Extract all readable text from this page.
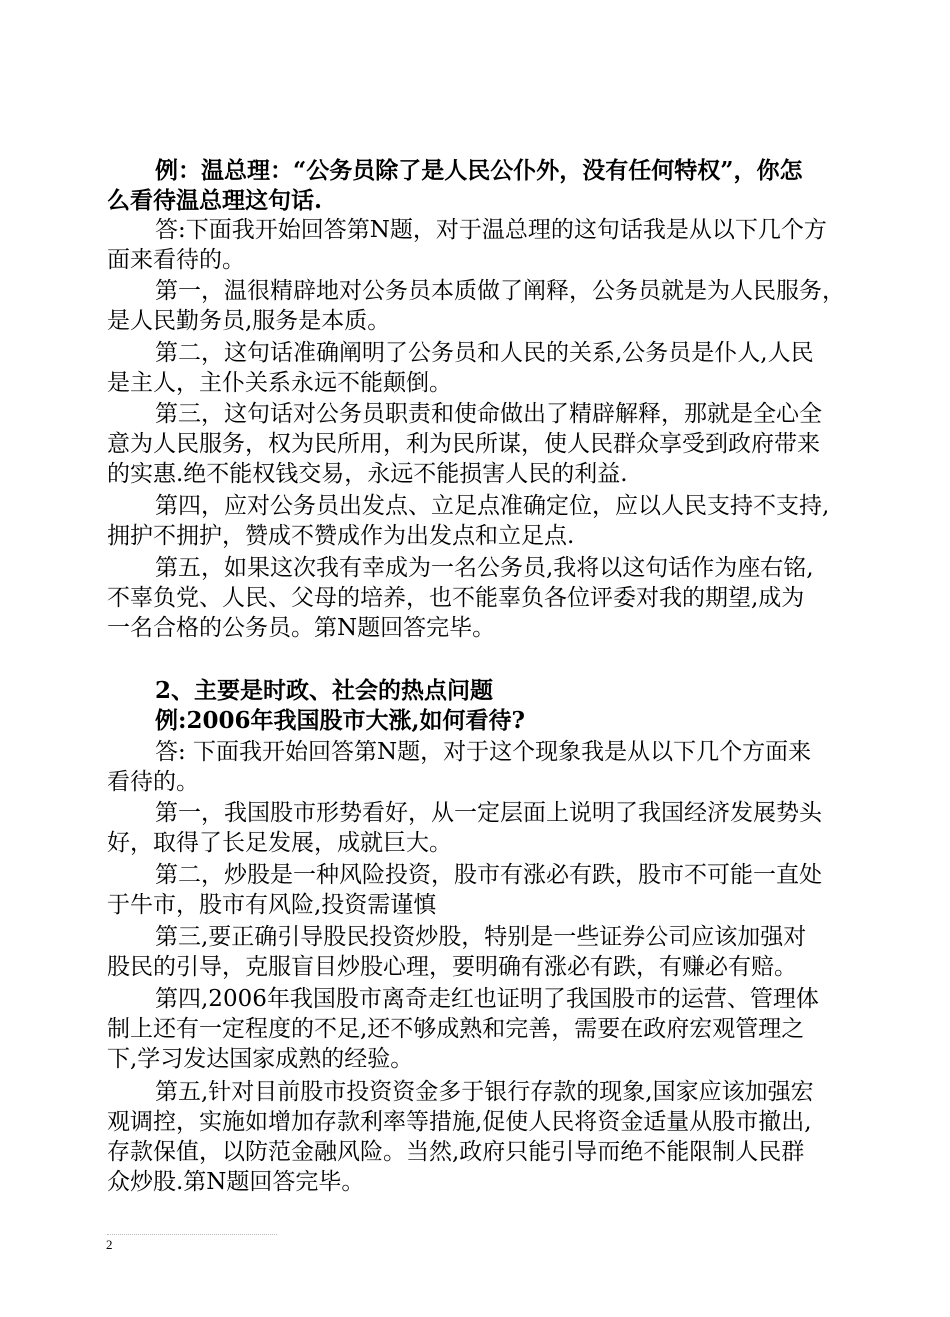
例：温总理：“公务员除了是人民公仆外，没有任何特权”，你怎
么看待温总理这句话.
答:下面我开始回答第N题，对于温总理的这句话我是从以下几个方
面来看待的。
第一，温很精辟地对公务员本质做了阐释，公务员就是为人民服务，
是人民勤务员,服务是本质。
第二，这句话准确阐明了公务员和人民的关系,公务员是仆人,人民
是主人，主仆关系永远不能颠倒。
第三，这句话对公务员职责和使命做出了精辟解释，那就是全心全
意为人民服务，权为民所用，利为民所谋，使人民群众享受到政府带来
的实惠.绝不能权钱交易，永远不能损害人民的利益.
第四，应对公务员出发点、立足点准确定位，应以人民支持不支持,
拥护不拥护，赞成不赞成作为出发点和立足点.
第五，如果这次我有幸成为一名公务员,我将以这句话作为座右铭,
不辜负党、人民、父母的培养，也不能辜负各位评委对我的期望,成为
一名合格的公务员。第N题回答完毕。
2、主要是时政、社会的热点问题
例:2006年我国股市大涨,如何看待?
答: 下面我开始回答第N题，对于这个现象我是从以下几个方面来
看待的。
第一，我国股市形势看好，从一定层面上说明了我国经济发展势头
好，取得了长足发展，成就巨大。
第二，炒股是一种风险投资，股市有涨必有跌，股市不可能一直处
于牛市，股市有风险,投资需谨慎
第三,要正确引导股民投资炒股，特别是一些证券公司应该加强对
股民的引导，克服盲目炒股心理，要明确有涨必有跌，有赚必有赔。
第四,2006年我国股市离奇走红也证明了我国股市的运营、管理体
制上还有一定程度的不足,还不够成熟和完善，需要在政府宏观管理之
下,学习发达国家成熟的经验。
第五,针对目前股市投资资金多于银行存款的现象,国家应该加强宏
观调控，实施如增加存款利率等措施,促使人民将资金适量从股市撤出,
存款保值，以防范金融风险。当然,政府只能引导而绝不能限制人民群
众炒股.第N题回答完毕。
2
